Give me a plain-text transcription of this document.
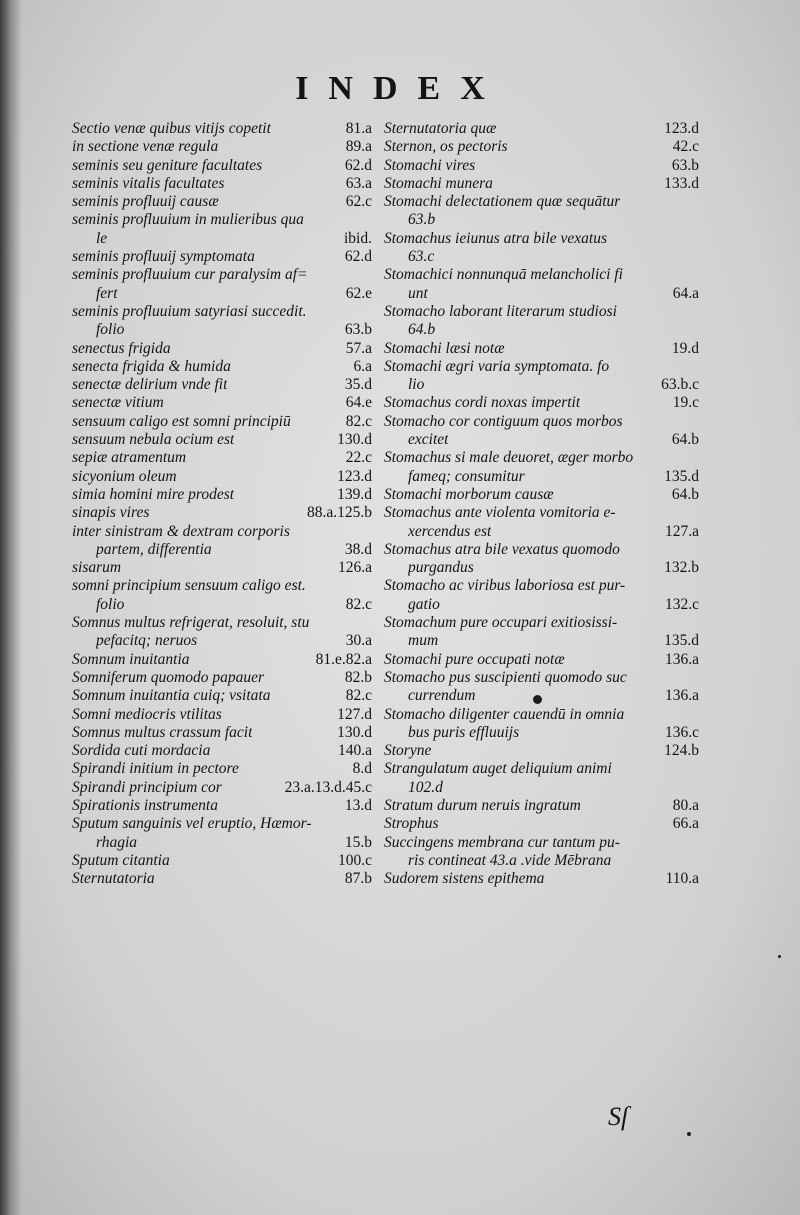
INDEX
Sectio venæ quibus vitijs copetit	81.a
in sectione venæ regula	89.a
seminis seu geniture facultates	62.d
seminis vitalis facultates	63.a
seminis profluuij causæ	62.c
seminis profluuium in mulieribus qua
le	ibid.
seminis profluuij symptomata	62.d
seminis profluuium cur paralysim af=
fert	62.e
seminis profluuium satyriasi succedit.
folio	63.b
senectus frigida	57.a
senecta frigida & humida	6.a
senectæ delirium vnde fit	35.d
senectæ vitium	64.e
sensuum caligo est somni principiū	82.c
sensuum nebula ocium est	130.d
sepiæ atramentum	22.c
sicyonium oleum	123.d
simia homini mire prodest	139.d
sinapis vires	88.a.125.b
inter sinistram & dextram corporis
partem, differentia	38.d
sisarum	126.a
somni principium sensuum caligo est.
folio	82.c
Somnus multus refrigerat, resoluit, stu
pefacitq; neruos	30.a
Somnum inuitantia	81.e.82.a
Somniferum quomodo papauer	82.b
Somnum inuitantia cuiq; vsitata	82.c
Somni mediocris vtilitas	127.d
Somnus multus crassum facit	130.d
Sordida cuti mordacia	140.a
Spirandi initium in pectore	8.d
Spirandi principium cor	23.a.13.d.45.c
Spirationis instrumenta	13.d
Sputum sanguinis vel eruptio, Hæmor-
rhagia	15.b
Sputum citantia	100.c
Sternutatoria	87.b
Sternutatoria quæ	123.d
Sternon, os pectoris	42.c
Stomachi vires	63.b
Stomachi munera	133.d
Stomachi delectationem quæ sequātur
63.b
Stomachus ieiunus atra bile vexatus
63.c
Stomachici nonnunquā melancholici fi
unt	64.a
Stomacho laborant literarum studiosi
64.b
Stomachi læsi notæ	19.d
Stomachi ægri varia symptomata. fo
lio	63.b.c
Stomachus cordi noxas impertit	19.c
Stomacho cor contiguum quos morbos
excitet	64.b
Stomachus si male deuoret, æger morbo
fameq; consumitur	135.d
Stomachi morborum causæ	64.b
Stomachus ante violenta vomitoria e-
xercendus est	127.a
Stomachus atra bile vexatus quomodo
purgandus	132.b
Stomacho ac viribus laboriosa est pur-
gatio	132.c
Stomachum pure occupari exitiosissi-
mum	135.d
Stomachi pure occupati notæ	136.a
Stomacho pus suscipienti quomodo suc
currendum	136.a
Stomacho diligenter cauendū in omnia
bus puris effluuijs	136.c
Storyne	124.b
Strangulatum auget deliquium animi
102.d
Stratum durum neruis ingratum	80.a
Strophus	66.a
Succingens membrana cur tantum pu-
ris contineat 43.a .vide Mēbrana
Sudorem sistens epithema	110.a
Sſ
